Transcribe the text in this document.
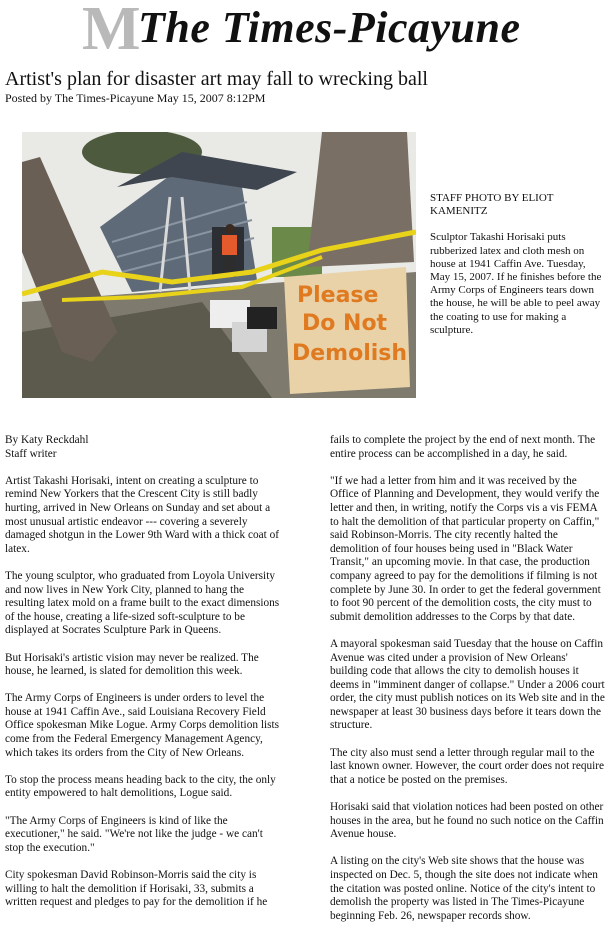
M The Times-Picayune
Artist's plan for disaster art may fall to wrecking ball
Posted by The Times-Picayune May 15, 2007 8:12PM
Please
Do Not
Demolish

STAFF PHOTO BY ELIOT KAMENITZ

Sculptor Takashi Horisaki puts rubberized latex and cloth mesh on house at 1941 Caffin Ave. Tuesday, May 15, 2007. If he finishes before the Army Corps of Engineers tears down the house, he will be able to peel away the coating to use for making a sculpture.

By Katy Reckdahl
Staff writer

Artist Takashi Horisaki, intent on creating a sculpture to remind New Yorkers that the Crescent City is still badly hurting, arrived in New Orleans on Sunday and set about a most unusual artistic endeavor --- covering a severely damaged shotgun in the Lower 9th Ward with a thick coat of latex.

The young sculptor, who graduated from Loyola University and now lives in New York City, planned to hang the resulting latex mold on a frame built to the exact dimensions of the house, creating a life-sized soft-sculpture to be displayed at Socrates Sculpture Park in Queens.

But Horisaki's artistic vision may never be realized. The house, he learned, is slated for demolition this week.

The Army Corps of Engineers is under orders to level the house at 1941 Caffin Ave., said Louisiana Recovery Field Office spokesman Mike Logue. Army Corps demolition lists come from the Federal Emergency Management Agency, which takes its orders from the City of New Orleans.

To stop the process means heading back to the city, the only entity empowered to halt demolitions, Logue said.

"The Army Corps of Engineers is kind of like the executioner," he said. "We're not like the judge - we can't stop the execution."

City spokesman David Robinson-Morris said the city is willing to halt the demolition if Horisaki, 33, submits a written request and pledges to pay for the demolition if he

fails to complete the project by the end of next month. The entire process can be accomplished in a day, he said.

"If we had a letter from him and it was received by the Office of Planning and Development, they would verify the letter and then, in writing, notify the Corps vis a vis FEMA to halt the demolition of that particular property on Caffin," said Robinson-Morris. The city recently halted the demolition of four houses being used in "Black Water Transit," an upcoming movie. In that case, the production company agreed to pay for the demolitions if filming is not complete by June 30. In order to get the federal government to foot 90 percent of the demolition costs, the city must to submit demolition addresses to the Corps by that date.

A mayoral spokesman said Tuesday that the house on Caffin Avenue was cited under a provision of New Orleans' building code that allows the city to demolish houses it deems in "imminent danger of collapse." Under a 2006 court order, the city must publish notices on its Web site and in the newspaper at least 30 business days before it tears down the structure.

The city also must send a letter through regular mail to the last known owner. However, the court order does not require that a notice be posted on the premises.

Horisaki said that violation notices had been posted on other houses in the area, but he found no such notice on the Caffin Avenue house.

A listing on the city's Web site shows that the house was inspected on Dec. 5, though the site does not indicate when the citation was posted online. Notice of the city's intent to demolish the property was listed in The Times-Picayune beginning Feb. 26, newspaper records show.
